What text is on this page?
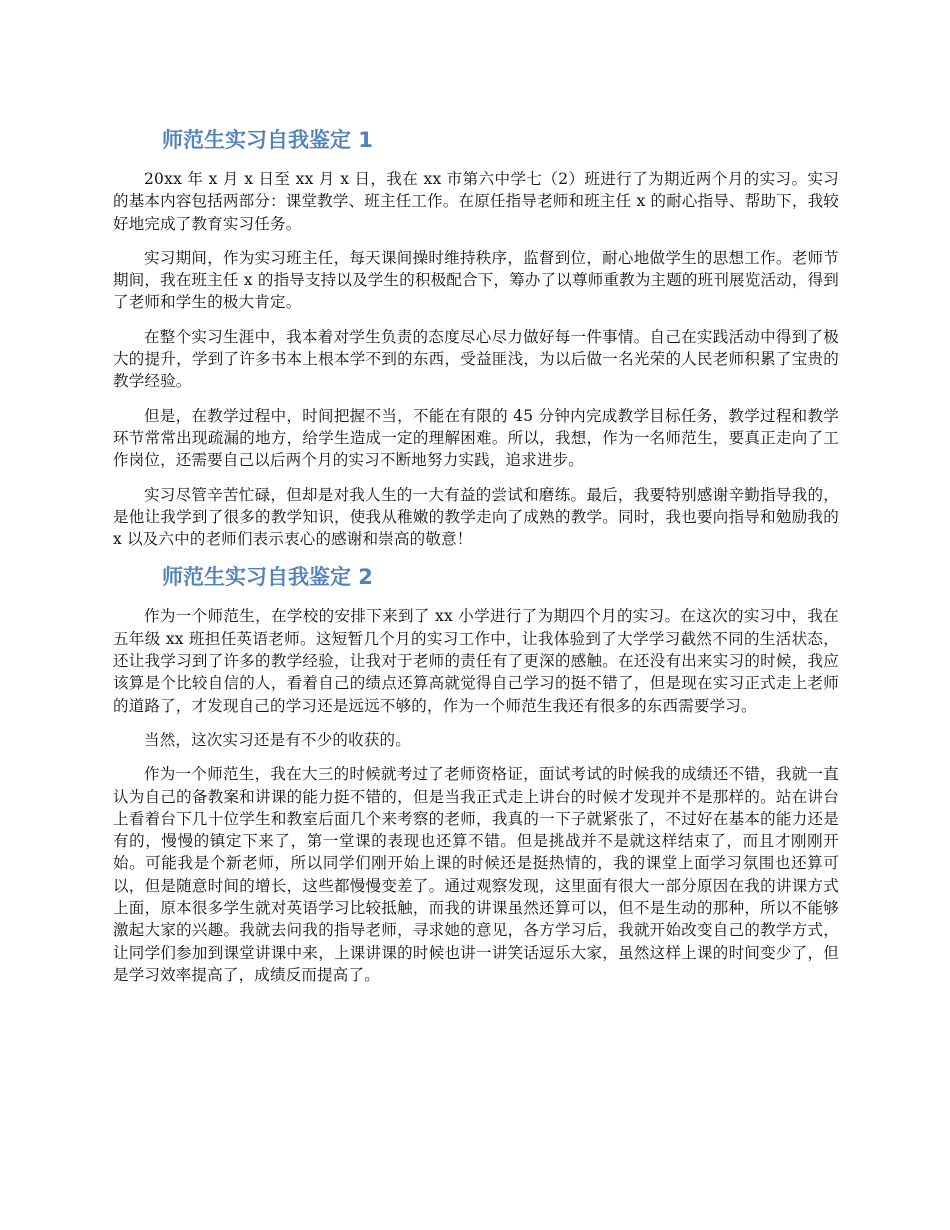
师范生实习自我鉴定 1

20xx 年 x 月 x 日至 xx 月 x 日，我在 xx 市第六中学七（2）班进行了为期近两个月的实习。实习的基本内容包括两部分：课堂教学、班主任工作。在原任指导老师和班主任 x 的耐心指导、帮助下，我较好地完成了教育实习任务。

实习期间，作为实习班主任，每天课间操时维持秩序，监督到位，耐心地做学生的思想工作。老师节期间，我在班主任 x 的指导支持以及学生的积极配合下，筹办了以尊师重教为主题的班刊展览活动，得到了老师和学生的极大肯定。

在整个实习生涯中，我本着对学生负责的态度尽心尽力做好每一件事情。自己在实践活动中得到了极大的提升，学到了许多书本上根本学不到的东西，受益匪浅，为以后做一名光荣的人民老师积累了宝贵的教学经验。

但是，在教学过程中，时间把握不当，不能在有限的 45 分钟内完成教学目标任务，教学过程和教学环节常常出现疏漏的地方，给学生造成一定的理解困难。所以，我想，作为一名师范生，要真正走向了工作岗位，还需要自己以后两个月的实习不断地努力实践，追求进步。

实习尽管辛苦忙碌，但却是对我人生的一大有益的尝试和磨练。最后，我要特别感谢辛勤指导我的，是他让我学到了很多的教学知识，使我从稚嫩的教学走向了成熟的教学。同时，我也要向指导和勉励我的 x 以及六中的老师们表示衷心的感谢和崇高的敬意！

师范生实习自我鉴定 2

作为一个师范生，在学校的安排下来到了 xx 小学进行了为期四个月的实习。在这次的实习中，我在五年级 xx 班担任英语老师。这短暂几个月的实习工作中，让我体验到了大学学习截然不同的生活状态，还让我学习到了许多的教学经验，让我对于老师的责任有了更深的感触。在还没有出来实习的时候，我应该算是个比较自信的人，看着自己的绩点还算高就觉得自己学习的挺不错了，但是现在实习正式走上老师的道路了，才发现自己的学习还是远远不够的，作为一个师范生我还有很多的东西需要学习。

当然，这次实习还是有不少的收获的。

作为一个师范生，我在大三的时候就考过了老师资格证，面试考试的时候我的成绩还不错，我就一直认为自己的备教案和讲课的能力挺不错的，但是当我正式走上讲台的时候才发现并不是那样的。站在讲台上看着台下几十位学生和教室后面几个来考察的老师，我真的一下子就紧张了，不过好在基本的能力还是有的，慢慢的镇定下来了，第一堂课的表现也还算不错。但是挑战并不是就这样结束了，而且才刚刚开始。可能我是个新老师，所以同学们刚开始上课的时候还是挺热情的，我的课堂上面学习氛围也还算可以，但是随意时间的增长，这些都慢慢变差了。通过观察发现，这里面有很大一部分原因在我的讲课方式上面，原本很多学生就对英语学习比较抵触，而我的讲课虽然还算可以，但不是生动的那种，所以不能够激起大家的兴趣。我就去问我的指导老师，寻求她的意见，各方学习后，我就开始改变自己的教学方式，让同学们参加到课堂讲课中来，上课讲课的时候也讲一讲笑话逗乐大家，虽然这样上课的时间变少了，但是学习效率提高了，成绩反而提高了。
